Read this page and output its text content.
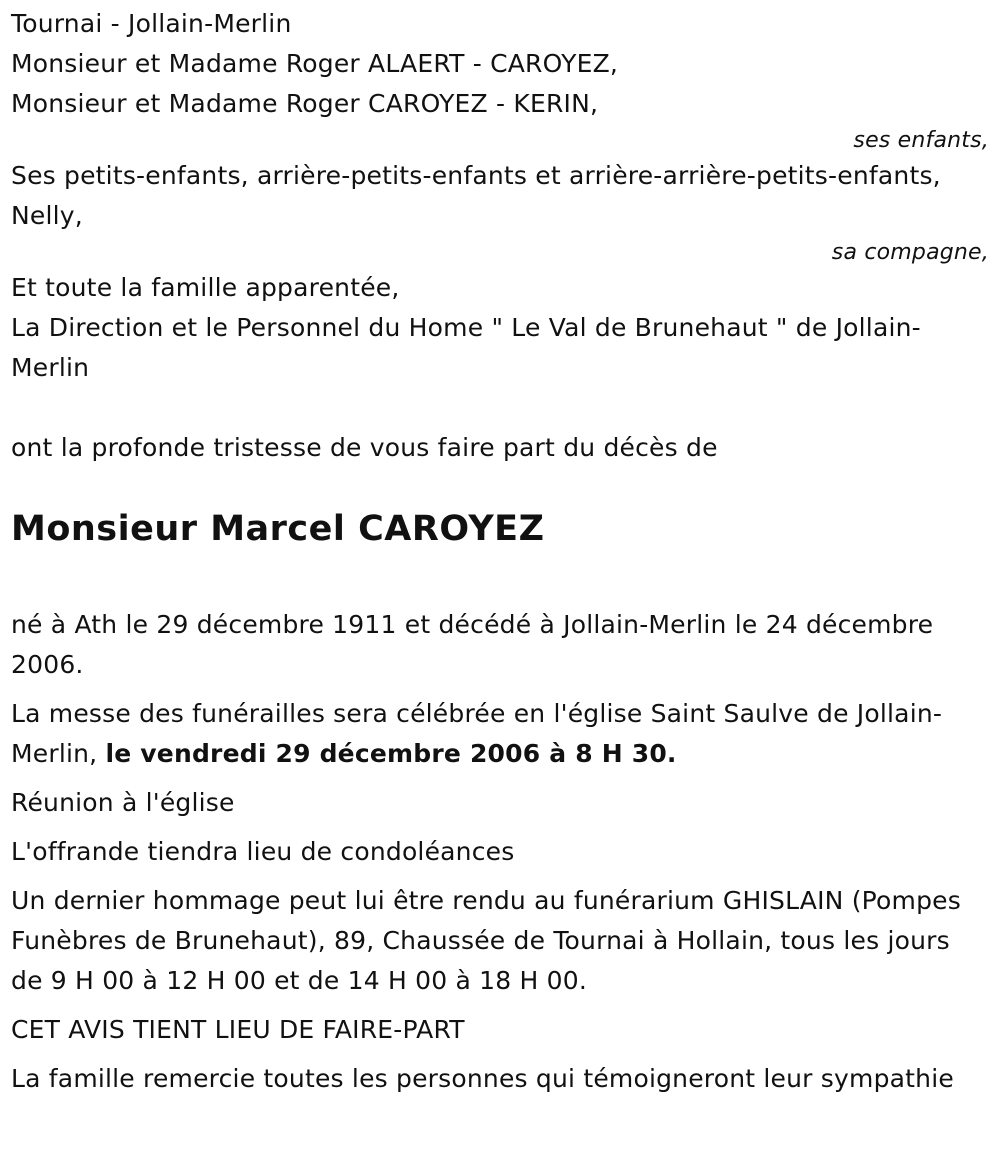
Tournai - Jollain-Merlin
Monsieur et Madame Roger ALAERT - CAROYEZ,
Monsieur et Madame Roger CAROYEZ - KERIN,
ses enfants,
Ses petits-enfants, arrière-petits-enfants et arrière-arrière-petits-enfants,
Nelly,
sa compagne,
Et toute la famille apparentée,
La Direction et le Personnel du Home " Le Val de Brunehaut " de Jollain-Merlin
ont la profonde tristesse de vous faire part du décès de
Monsieur Marcel CAROYEZ
né à Ath le 29 décembre 1911 et décédé à Jollain-Merlin le 24 décembre 2006.
La messe des funérailles sera célébrée en l'église Saint Saulve de Jollain-Merlin, le vendredi 29 décembre 2006 à 8 H 30.
Réunion à l'église
L'offrande tiendra lieu de condoléances
Un dernier hommage peut lui être rendu au funérarium GHISLAIN (Pompes Funèbres de Brunehaut), 89, Chaussée de Tournai à Hollain, tous les jours de 9 H 00 à 12 H 00 et de 14 H 00 à 18 H 00.
CET AVIS TIENT LIEU DE FAIRE-PART
La famille remercie toutes les personnes qui témoigneront leur sympathie
